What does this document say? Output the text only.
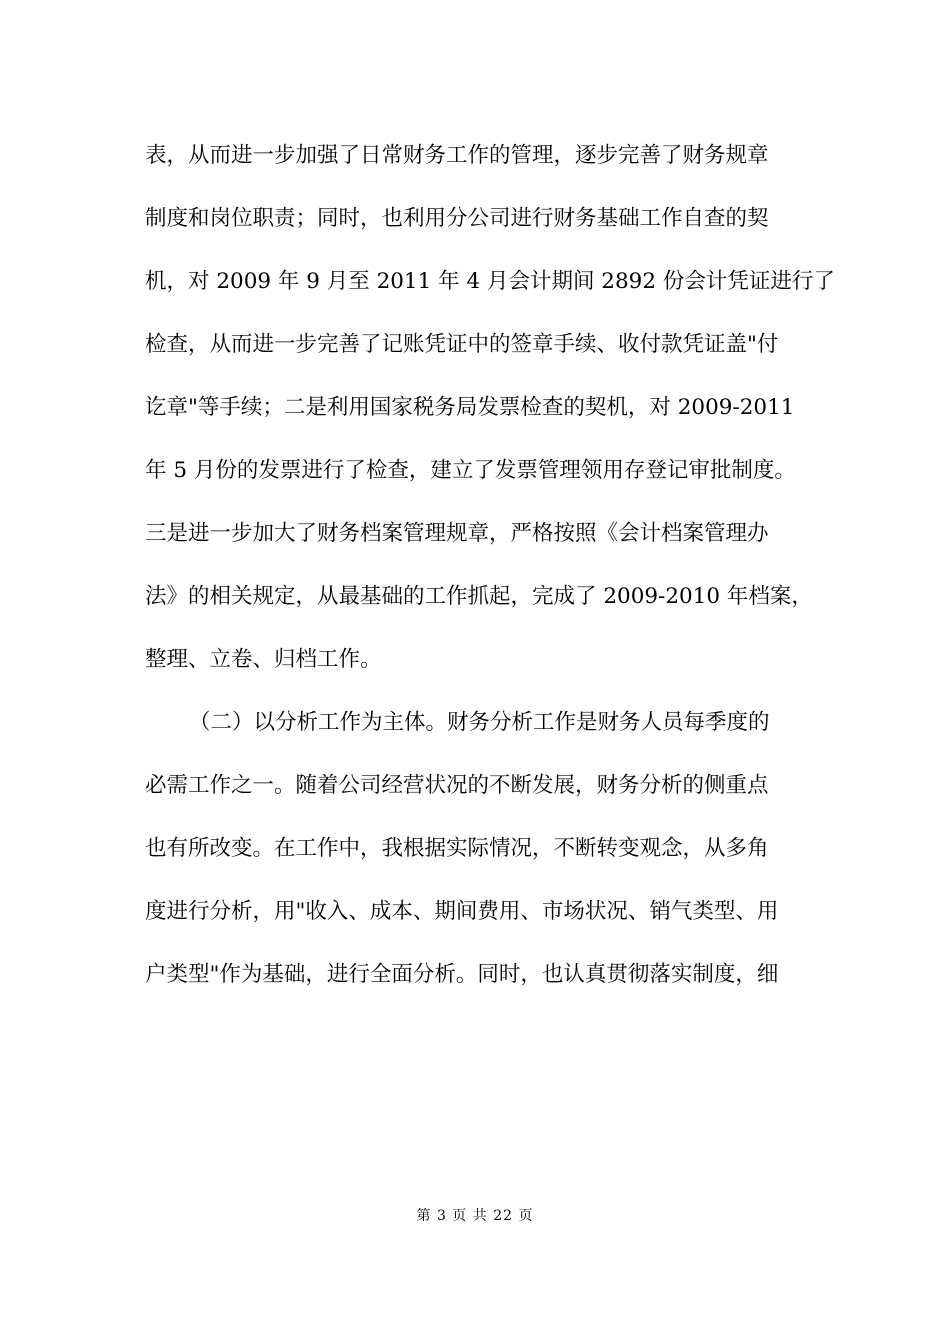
表，从而进一步加强了日常财务工作的管理，逐步完善了财务规章
制度和岗位职责；同时，也利用分公司进行财务基础工作自查的契
机，对 2009 年 9 月至 2011 年 4 月会计期间 2892 份会计凭证进行了
检查，从而进一步完善了记账凭证中的签章手续、收付款凭证盖"付
讫章"等手续；二是利用国家税务局发票检查的契机，对 2009-2011
年 5 月份的发票进行了检查，建立了发票管理领用存登记审批制度。
三是进一步加大了财务档案管理规章，严格按照《会计档案管理办
法》的相关规定，从最基础的工作抓起，完成了 2009-2010 年档案，
整理、立卷、归档工作。
（二）以分析工作为主体。财务分析工作是财务人员每季度的
必需工作之一。随着公司经营状况的不断发展，财务分析的侧重点
也有所改变。在工作中，我根据实际情况，不断转变观念，从多角
度进行分析，用"收入、成本、期间费用、市场状况、销气类型、用
户类型"作为基础，进行全面分析。同时，也认真贯彻落实制度，细
第 3 页 共 22 页
